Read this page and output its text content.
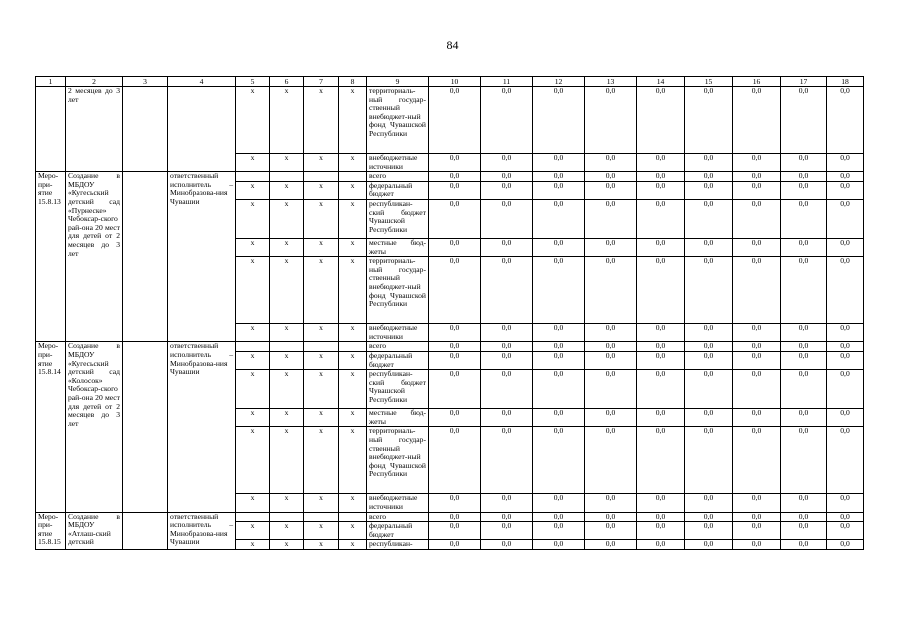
84
1	2	3	4	5	6	7	8	9	10	11	12	13	14	15	16	17	18
	2 месяцев до 3 лет			x	x	x	x	территориаль-ный государ-ственный внебюджет-ный фонд Чувашской Республики	0,0	0,0	0,0	0,0	0,0	0,0	0,0	0,0	0,0
				x	x	x	x	внебюджетные источники	0,0	0,0	0,0	0,0	0,0	0,0	0,0	0,0	0,0
Меро-при-ятие 15.8.13	Создание в МБДОУ «Кугесьский детский сад «Пурнеске» Чебоксар-ского рай-она 20 мест для детей от 2 месяцев до 3 лет		ответственный исполнитель – Минобразова-ния Чувашии					всего	0,0	0,0	0,0	0,0	0,0	0,0	0,0	0,0	0,0
				x	x	x	x	федеральный бюджет	0,0	0,0	0,0	0,0	0,0	0,0	0,0	0,0	0,0
				x	x	x	x	республикан-ский бюджет Чувашской Республики	0,0	0,0	0,0	0,0	0,0	0,0	0,0	0,0	0,0
				x	x	x	x	местные бюд-жеты	0,0	0,0	0,0	0,0	0,0	0,0	0,0	0,0	0,0
				x	x	x	x	территориаль-ный государ-ственный внебюджет-ный фонд Чувашской Республики	0,0	0,0	0,0	0,0	0,0	0,0	0,0	0,0	0,0
				x	x	x	x	внебюджетные источники	0,0	0,0	0,0	0,0	0,0	0,0	0,0	0,0	0,0
Меро-при-ятие 15.8.14	Создание в МБДОУ «Кугесьский детский сад «Колосок» Чебоксар-ского рай-она 20 мест для детей от 2 месяцев до 3 лет		ответственный исполнитель – Минобразова-ния Чувашии					всего	0,0	0,0	0,0	0,0	0,0	0,0	0,0	0,0	0,0
				x	x	x	x	федеральный бюджет	0,0	0,0	0,0	0,0	0,0	0,0	0,0	0,0	0,0
				x	x	x	x	республикан-ский бюджет Чувашской Республики	0,0	0,0	0,0	0,0	0,0	0,0	0,0	0,0	0,0
				x	x	x	x	местные бюд-жеты	0,0	0,0	0,0	0,0	0,0	0,0	0,0	0,0	0,0
				x	x	x	x	территориаль-ный государ-ственный внебюджет-ный фонд Чувашской Республики	0,0	0,0	0,0	0,0	0,0	0,0	0,0	0,0	0,0
				x	x	x	x	внебюджетные источники	0,0	0,0	0,0	0,0	0,0	0,0	0,0	0,0	0,0
Меро-при-ятие 15.8.15	Создание в МБДОУ «Атлаш-ский детский		ответственный исполнитель – Минобразова-ния Чувашии					всего	0,0	0,0	0,0	0,0	0,0	0,0	0,0	0,0	0,0
				x	x	x	x	федеральный бюджет	0,0	0,0	0,0	0,0	0,0	0,0	0,0	0,0	0,0
				x	x	x	x	республикан-	0,0	0,0	0,0	0,0	0,0	0,0	0,0	0,0	0,0
